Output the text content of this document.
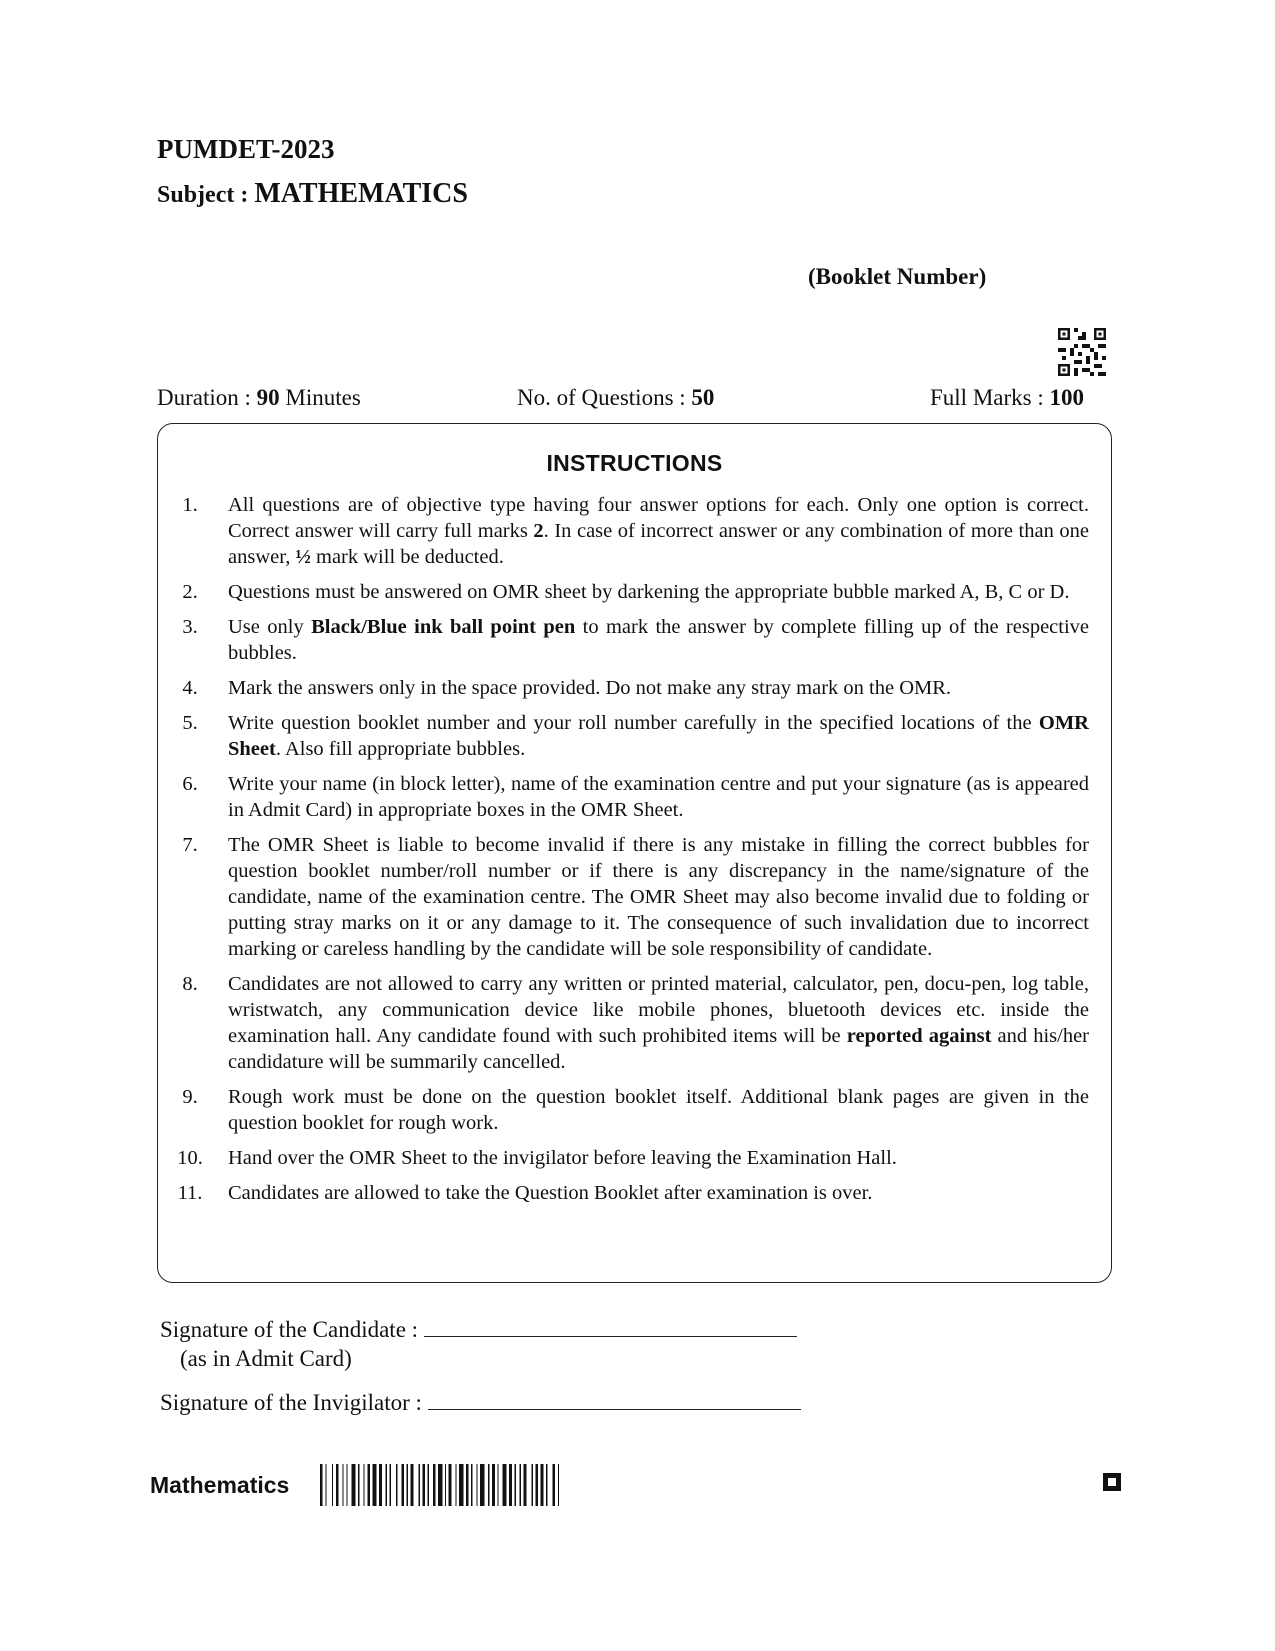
PUMDET-2023
Subject : MATHEMATICS
(Booklet Number)
Duration : 90 Minutes	No. of Questions : 50	Full Marks : 100
INSTRUCTIONS
1.	All questions are of objective type having four answer options for each. Only one option is correct. Correct answer will carry full marks 2. In case of incorrect answer or any combination of more than one answer, ½ mark will be deducted.
2.	Questions must be answered on OMR sheet by darkening the appropriate bubble marked A, B, C or D.
3.	Use only Black/Blue ink ball point pen to mark the answer by complete filling up of the respective bubbles.
4.	Mark the answers only in the space provided. Do not make any stray mark on the OMR.
5.	Write question booklet number and your roll number carefully in the specified locations of the OMR Sheet. Also fill appropriate bubbles.
6.	Write your name (in block letter), name of the examination centre and put your signature (as is appeared in Admit Card) in appropriate boxes in the OMR Sheet.
7.	The OMR Sheet is liable to become invalid if there is any mistake in filling the correct bubbles for question booklet number/roll number or if there is any discrepancy in the name/signature of the candidate, name of the examination centre. The OMR Sheet may also become invalid due to folding or putting stray marks on it or any damage to it. The consequence of such invalidation due to incorrect marking or careless handling by the candidate will be sole responsibility of candidate.
8.	Candidates are not allowed to carry any written or printed material, calculator, pen, docu-pen, log table, wristwatch, any communication device like mobile phones, bluetooth devices etc. inside the examination hall. Any candidate found with such prohibited items will be reported against and his/her candidature will be summarily cancelled.
9.	Rough work must be done on the question booklet itself. Additional blank pages are given in the question booklet for rough work.
10.	Hand over the OMR Sheet to the invigilator before leaving the Examination Hall.
11.	Candidates are allowed to take the Question Booklet after examination is over.
Signature of the Candidate :
(as in Admit Card)
Signature of the Invigilator :
Mathematics
